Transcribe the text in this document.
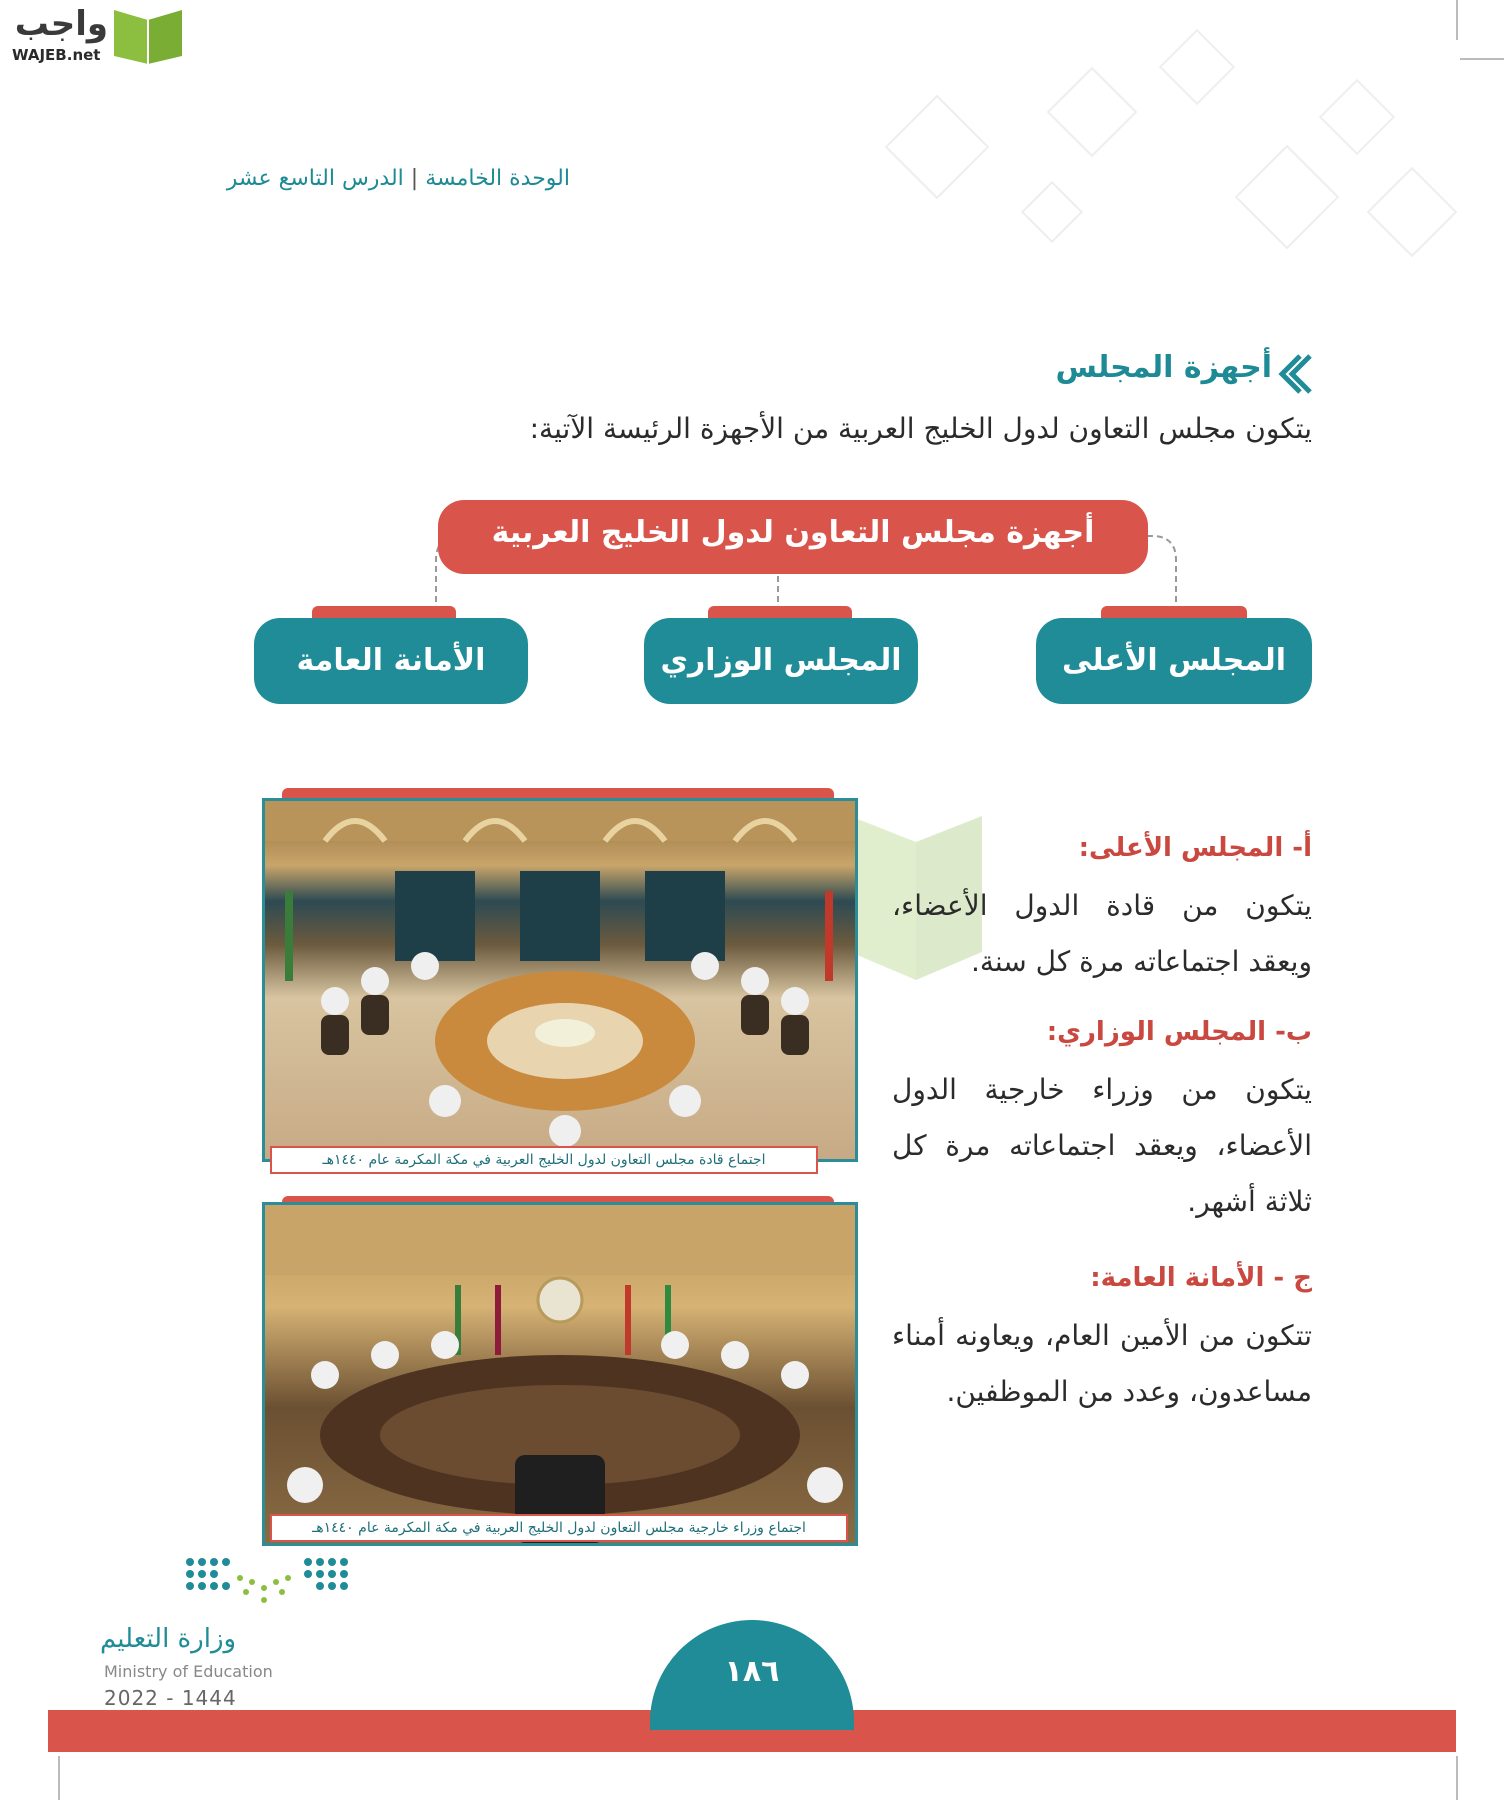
واجب
WAJEB.net
الوحدة الخامسة | الدرس التاسع عشر
أجهزة المجلس
يتكون مجلس التعاون لدول الخليج العربية من الأجهزة الرئيسة الآتية:
أجهزة مجلس التعاون لدول الخليج العربية
المجلس الأعلى
المجلس الوزاري
الأمانة العامة
اجتماع قادة مجلس التعاون لدول الخليج العربية في مكة المكرمة عام ١٤٤٠هـ
اجتماع وزراء خارجية مجلس التعاون لدول الخليج العربية في مكة المكرمة عام ١٤٤٠هـ
أ- المجلس الأعلى:
يتكون من قادة الدول الأعضاء، ويعقد اجتماعاته مرة كل سنة.
ب- المجلس الوزاري:
يتكون من وزراء خارجية الدول الأعضاء، ويعقد اجتماعاته مرة كل ثلاثة أشهر.
ج - الأمانة العامة:
تتكون من الأمين العام، ويعاونه أمناء مساعدون، وعدد من الموظفين.
وزارة التعليم
Ministry of Education
2022 - 1444
١٨٦
